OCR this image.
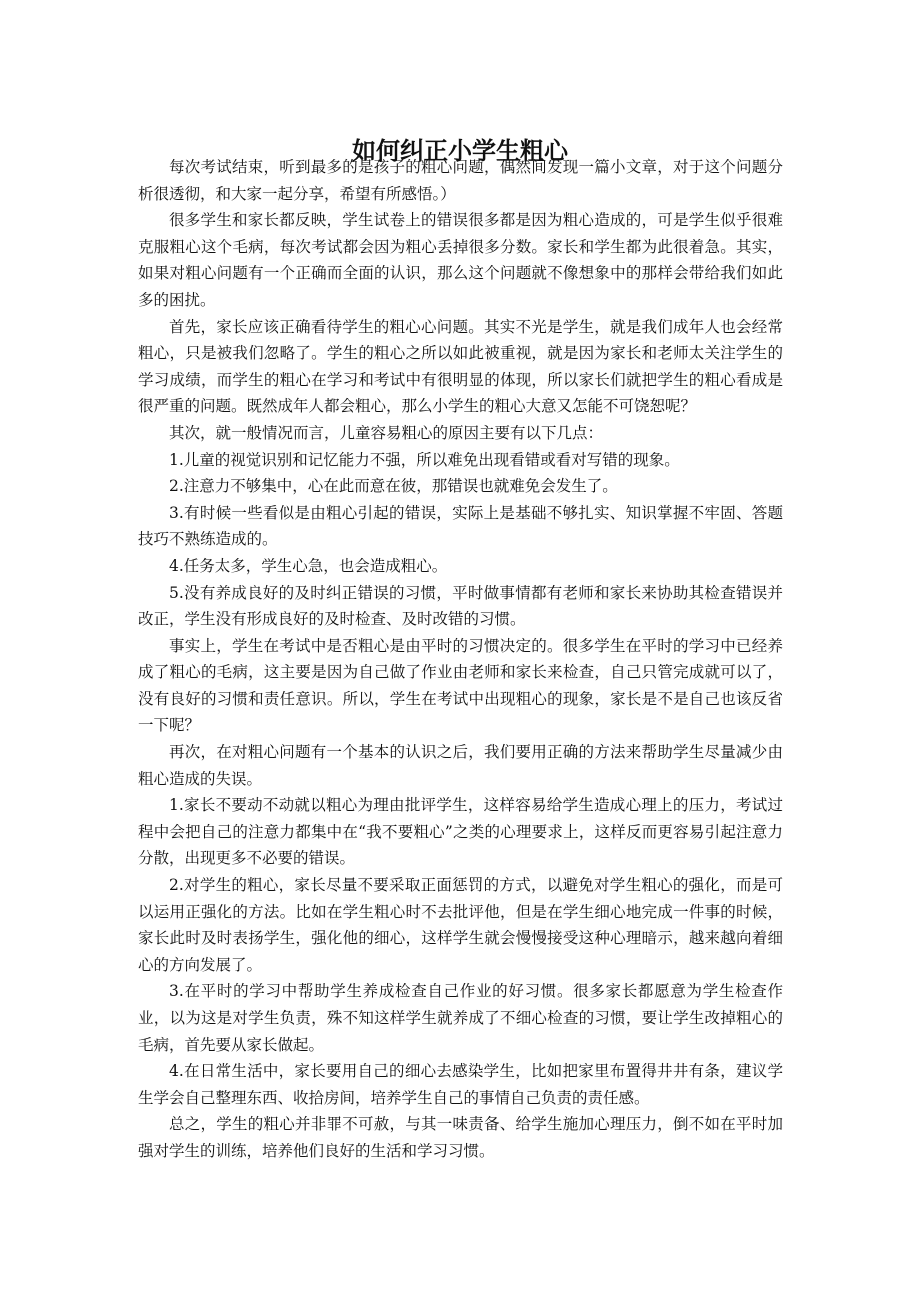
如何纠正小学生粗心

每次考试结束，听到最多的是孩子的粗心问题，偶然间发现一篇小文章，对于这个问题分析很透彻，和大家一起分享，希望有所感悟。）

很多学生和家长都反映，学生试卷上的错误很多都是因为粗心造成的，可是学生似乎很难克服粗心这个毛病，每次考试都会因为粗心丢掉很多分数。家长和学生都为此很着急。其实，如果对粗心问题有一个正确而全面的认识，那么这个问题就不像想象中的那样会带给我们如此多的困扰。

首先，家长应该正确看待学生的粗心心问题。其实不光是学生，就是我们成年人也会经常粗心，只是被我们忽略了。学生的粗心之所以如此被重视，就是因为家长和老师太关注学生的学习成绩，而学生的粗心在学习和考试中有很明显的体现，所以家长们就把学生的粗心看成是很严重的问题。既然成年人都会粗心，那么小学生的粗心大意又怎能不可饶恕呢？

其次，就一般情况而言，儿童容易粗心的原因主要有以下几点：

1.儿童的视觉识别和记忆能力不强，所以难免出现看错或看对写错的现象。

2.注意力不够集中，心在此而意在彼，那错误也就难免会发生了。

3.有时候一些看似是由粗心引起的错误，实际上是基础不够扎实、知识掌握不牢固、答题技巧不熟练造成的。

4.任务太多，学生心急，也会造成粗心。

5.没有养成良好的及时纠正错误的习惯，平时做事情都有老师和家长来协助其检查错误并改正，学生没有形成良好的及时检查、及时改错的习惯。

事实上，学生在考试中是否粗心是由平时的习惯决定的。很多学生在平时的学习中已经养成了粗心的毛病，这主要是因为自己做了作业由老师和家长来检查，自己只管完成就可以了，没有良好的习惯和责任意识。所以，学生在考试中出现粗心的现象，家长是不是自己也该反省一下呢？

再次，在对粗心问题有一个基本的认识之后，我们要用正确的方法来帮助学生尽量减少由粗心造成的失误。

1.家长不要动不动就以粗心为理由批评学生，这样容易给学生造成心理上的压力，考试过程中会把自己的注意力都集中在“我不要粗心”之类的心理要求上，这样反而更容易引起注意力分散，出现更多不必要的错误。

2.对学生的粗心，家长尽量不要采取正面惩罚的方式，以避免对学生粗心的强化，而是可以运用正强化的方法。比如在学生粗心时不去批评他，但是在学生细心地完成一件事的时候，家长此时及时表扬学生，强化他的细心，这样学生就会慢慢接受这种心理暗示，越来越向着细心的方向发展了。

3.在平时的学习中帮助学生养成检查自己作业的好习惯。很多家长都愿意为学生检查作业，以为这是对学生负责，殊不知这样学生就养成了不细心检查的习惯，要让学生改掉粗心的毛病，首先要从家长做起。

4.在日常生活中，家长要用自己的细心去感染学生，比如把家里布置得井井有条，建议学生学会自己整理东西、收拾房间，培养学生自己的事情自己负责的责任感。

总之，学生的粗心并非罪不可赦，与其一味责备、给学生施加心理压力，倒不如在平时加强对学生的训练，培养他们良好的生活和学习习惯。
